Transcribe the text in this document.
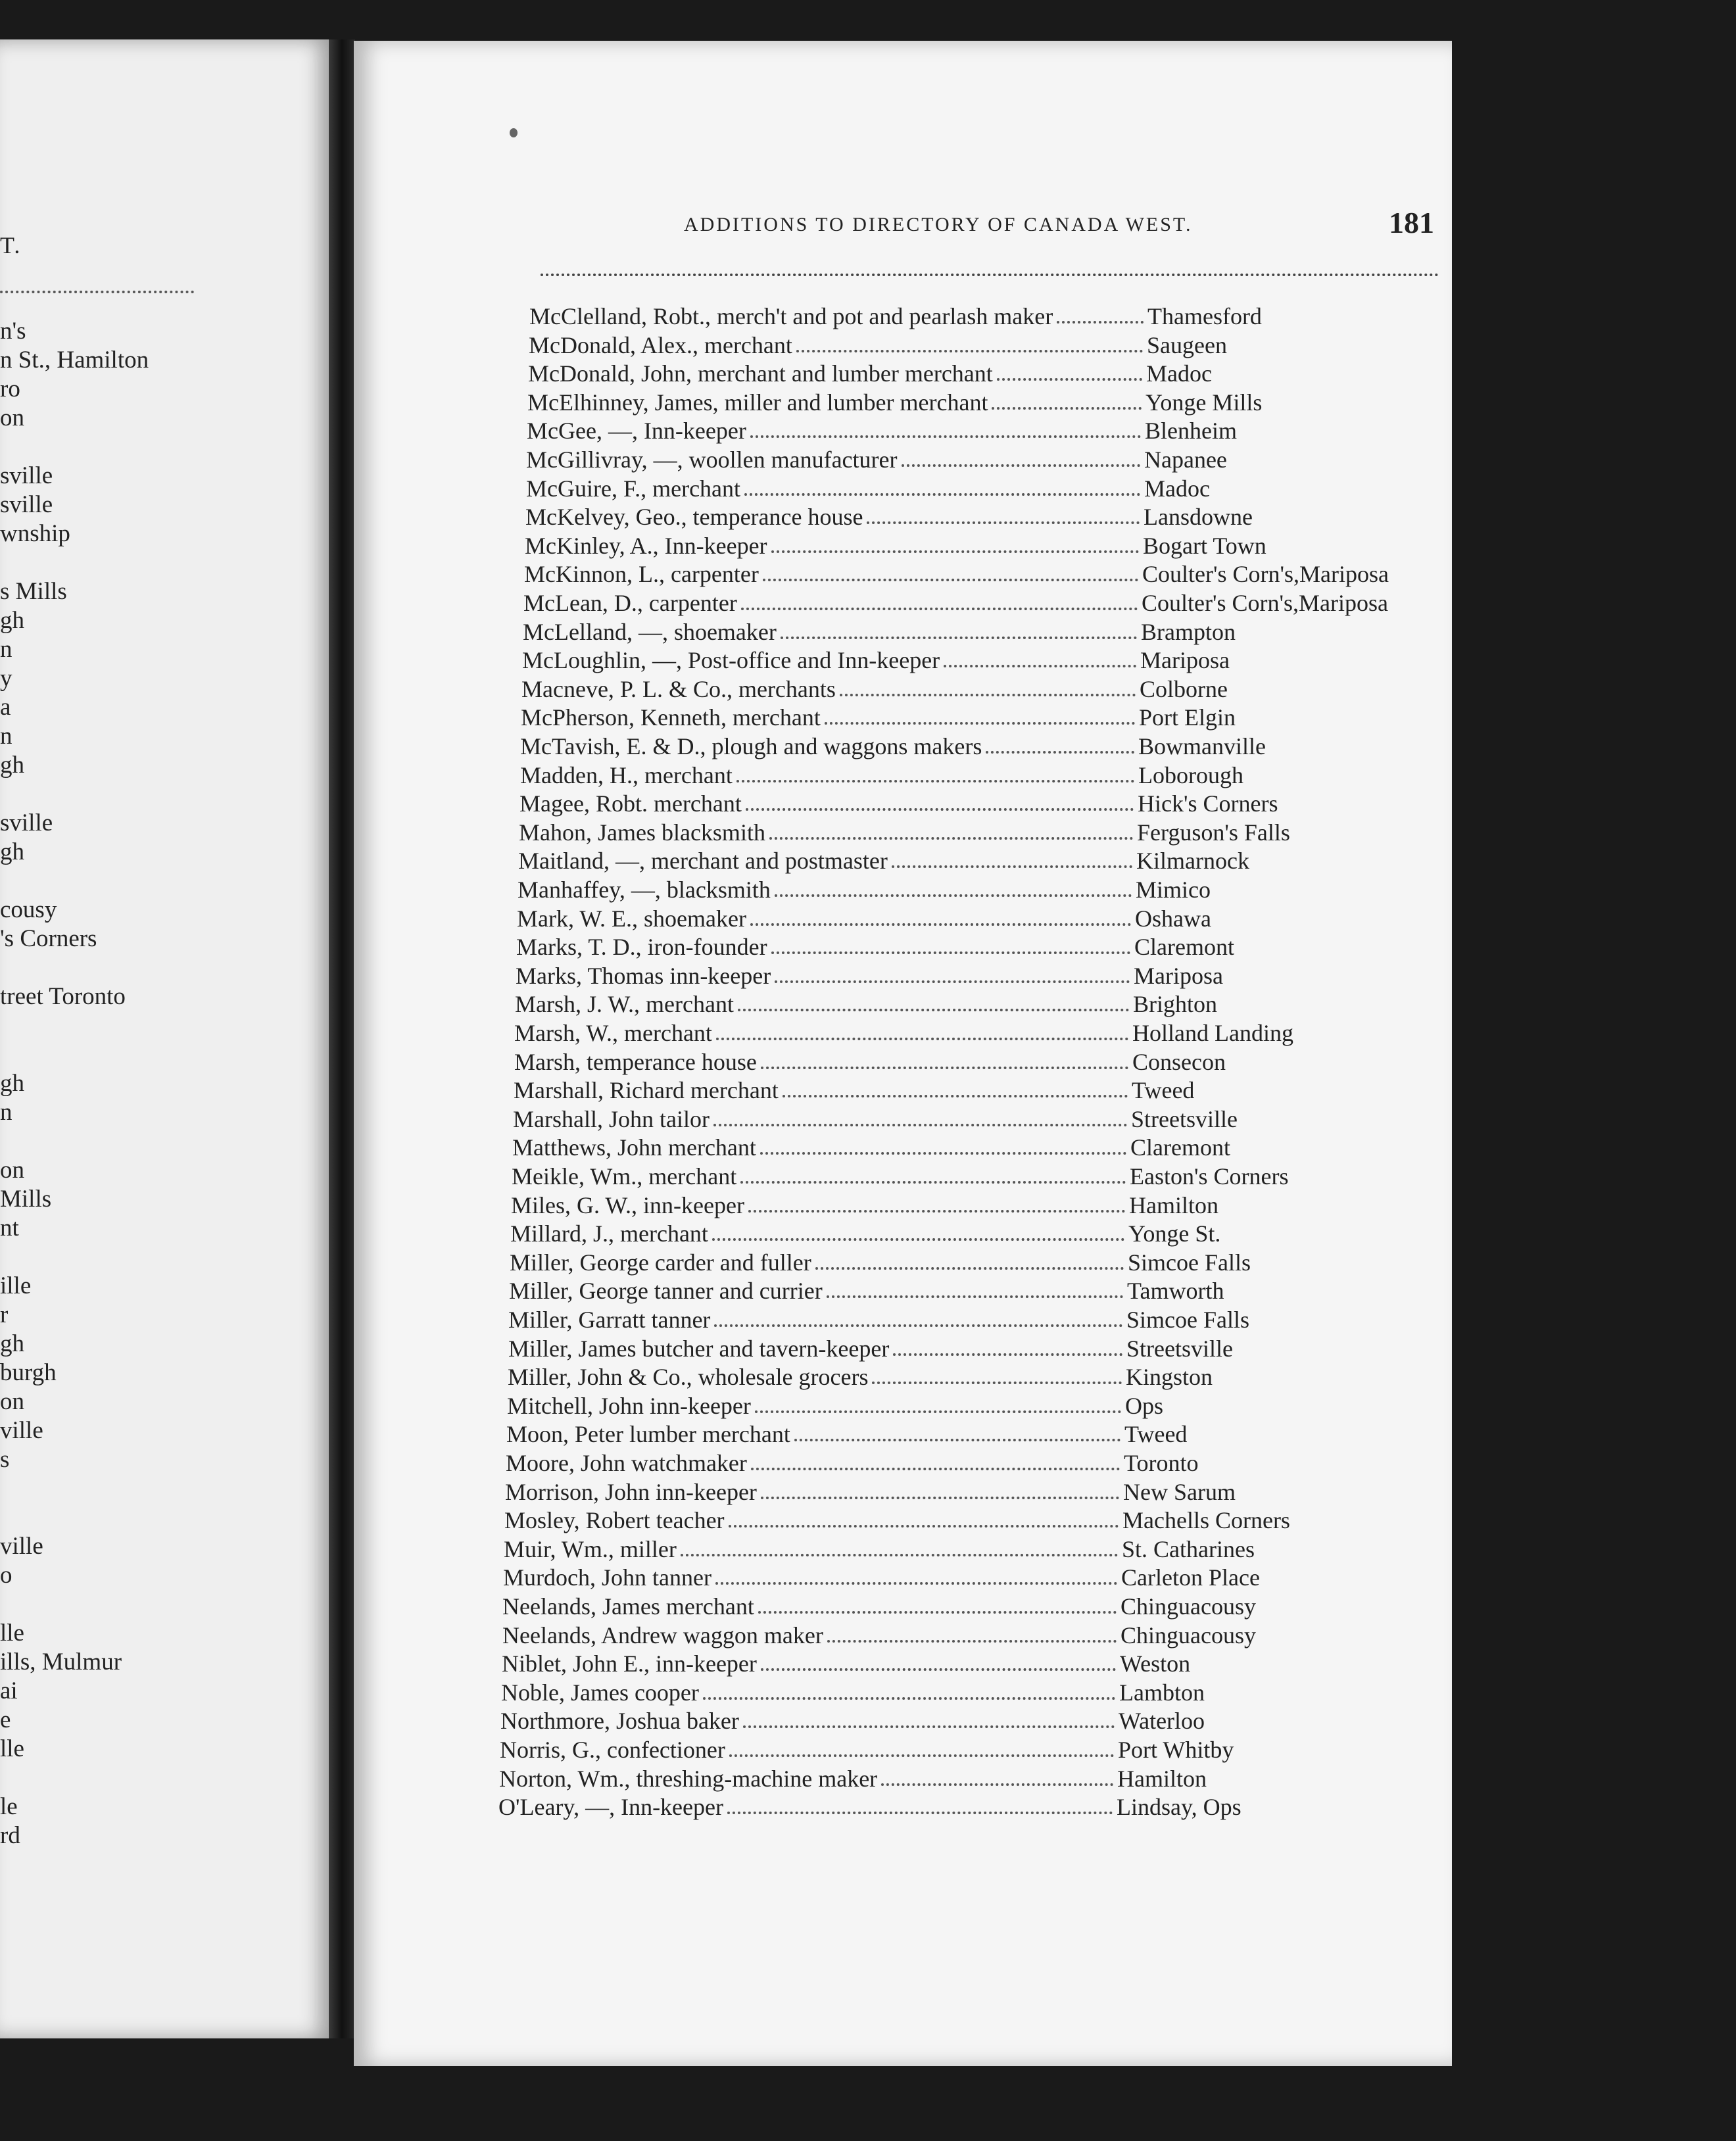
T.
n's
n St., Hamilton
ro
on
sville
sville
wnship
s Mills
gh
n
y
a
n
gh
sville
gh
cousy
's Corners
treet Toronto
gh
n
on
Mills
nt
ille
r
gh
burgh
on
ville
s
ville
o
lle
ills, Mulmur
ai
e
lle
le
rd
ADDITIONS TO DIRECTORY OF CANADA WEST.	181
McClelland, Robt., merch't and pot and pearlash maker	Thamesford
McDonald, Alex., merchant	Saugeen
McDonald, John, merchant and lumber merchant	Madoc
McElhinney, James, miller and lumber merchant	Yonge Mills
McGee, —, Inn-keeper	Blenheim
McGillivray, —, woollen manufacturer	Napanee
McGuire, F., merchant	Madoc
McKelvey, Geo., temperance house	Lansdowne
McKinley, A., Inn-keeper	Bogart Town
McKinnon, L., carpenter	Coulter's Corn's,Mariposa
McLean, D., carpenter	Coulter's Corn's,Mariposa
McLelland, —, shoemaker	Brampton
McLoughlin, —, Post-office and Inn-keeper	Mariposa
Macneve, P. L. & Co., merchants	Colborne
McPherson, Kenneth, merchant	Port Elgin
McTavish, E. & D., plough and waggons makers	Bowmanville
Madden, H., merchant	Loborough
Magee, Robt. merchant	Hick's Corners
Mahon, James blacksmith	Ferguson's Falls
Maitland, —, merchant and postmaster	Kilmarnock
Manhaffey, —, blacksmith	Mimico
Mark, W. E., shoemaker	Oshawa
Marks, T. D., iron-founder	Claremont
Marks, Thomas inn-keeper	Mariposa
Marsh, J. W., merchant	Brighton
Marsh, W., merchant	Holland Landing
Marsh, temperance house	Consecon
Marshall, Richard merchant	Tweed
Marshall, John tailor	Streetsville
Matthews, John merchant	Claremont
Meikle, Wm., merchant	Easton's Corners
Miles, G. W., inn-keeper	Hamilton
Millard, J., merchant	Yonge St.
Miller, George carder and fuller	Simcoe Falls
Miller, George tanner and currier	Tamworth
Miller, Garratt tanner	Simcoe Falls
Miller, James butcher and tavern-keeper	Streetsville
Miller, John & Co., wholesale grocers	Kingston
Mitchell, John inn-keeper	Ops
Moon, Peter lumber merchant	Tweed
Moore, John watchmaker	Toronto
Morrison, John inn-keeper	New Sarum
Mosley, Robert teacher	Machells Corners
Muir, Wm., miller	St. Catharines
Murdoch, John tanner	Carleton Place
Neelands, James merchant	Chinguacousy
Neelands, Andrew waggon maker	Chinguacousy
Niblet, John E., inn-keeper	Weston
Noble, James cooper	Lambton
Northmore, Joshua baker	Waterloo
Norris, G., confectioner	Port Whitby
Norton, Wm., threshing-machine maker	Hamilton
O'Leary, —, Inn-keeper	Lindsay, Ops
